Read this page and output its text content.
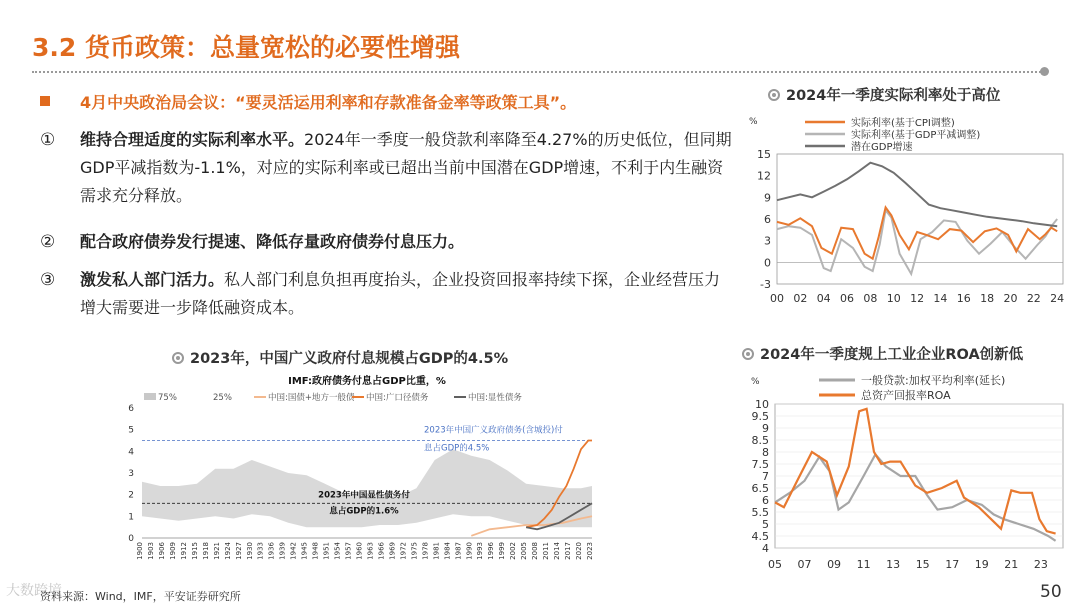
3.2 货币政策：总量宽松的必要性增强
4月中央政治局会议：“要灵活运用利率和存款准备金率等政策工具”。
① 维持合理适度的实际利率水平。2024年一季度一般贷款利率降至4.27%的历史低位，但同期GDP平减指数为-1.1%，对应的实际利率或已超出当前中国潜在GDP增速，不利于内生融资需求充分释放。
② 配合政府债券发行提速、降低存量政府债券付息压力。
③ 激发私人部门活力。私人部门利息负担再度抬头，企业投资回报率持续下探，企业经营压力增大需要进一步降低融资成本。
2024年一季度实际利率处于高位
%	实际利率(基于CPI调整)
实际利率(基于GDP平减调整)
潜在GDP增速
-3
0
3
6
9
12
15
00 02 04 06 08 10 12 14 16 18 20 22 24
2023年，中国广义政府付息规模占GDP的4.5%
IMF:政府债务付息占GDP比重，%
75%	25%	中国:国债+地方一般债 中国:广口径债务	中国:显性债务
0
1
2
3
4
5
6
1900 1903 1906 1909 1912 1915 1918 1921 1924 1927 1930 1933 1936 1939 1942 1945 1948 1951 1954 1957 1960 1963 1966 1969 1972 1975 1978 1981 1984 1987 1990 1993 1996 1999 2002 2005 2008 2011 2014 2017 2020 2023
2023年中国广义政府债务(含城投)付
息占GDP的4.5%
2023年中国显性债务付
息占GDP的1.6%
2024年一季度规上工业企业ROA创新低
%	一般贷款:加权平均利率(延长)
总资产回报率ROA
4
4.5
5
5.5
6
6.5
7
7.5
8
8.5
9
9.5
10
05 07 09 11 13 15 17 19 21 23
大数跨境
资料来源：Wind，IMF，平安证券研究所	50
